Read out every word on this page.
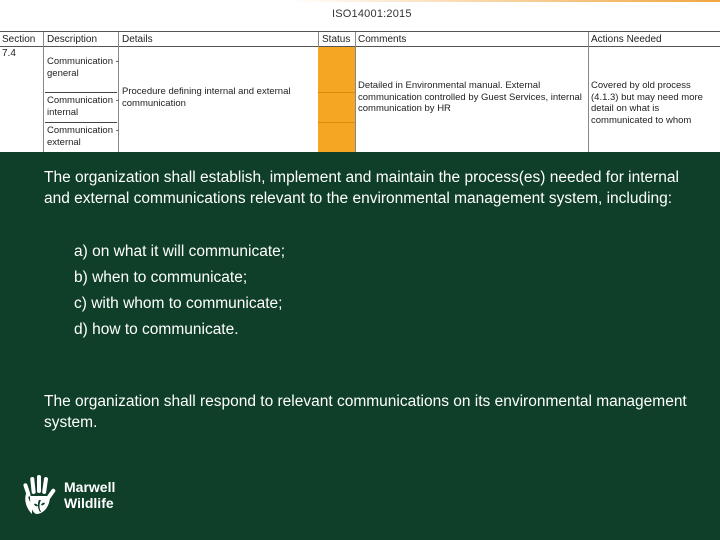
ISO14001:2015
Section Description Details	Status Comments	Actions Needed
7.4
Communication - general
Communication - internal
Communication - external
Procedure defining internal and external communication
Detailed in Environmental manual. External communication controlled by Guest Services, internal communication by HR
Covered by old process (4.1.3) but may need more detail on what is communicated to whom

The organization shall establish, implement and maintain the process(es) needed for internal and external communications relevant to the environmental management system, including:

a) on what it will communicate;
b) when to communicate;
c) with whom to communicate;
d) how to communicate.

The organization shall respond to relevant communications on its environmental management system.

Marwell
Wildlife
